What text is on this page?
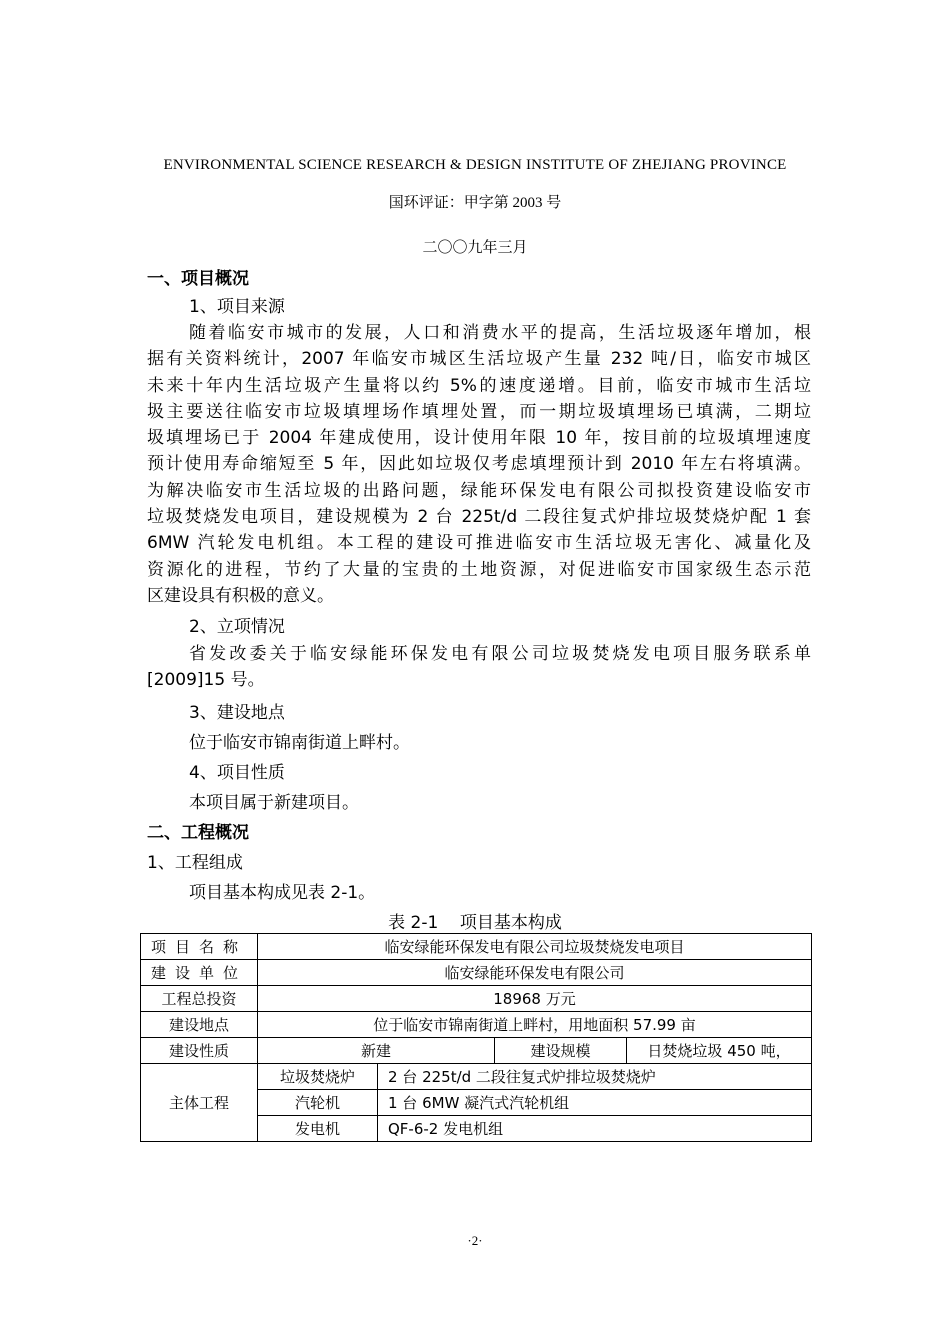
ENVIRONMENTAL SCIENCE RESEARCH & DESIGN INSTITUTE OF ZHEJIANG PROVINCE
国环评证：甲字第 2003 号
二〇〇九年三月
一、项目概况
1、项目来源
随着临安市城市的发展，人口和消费水平的提高，生活垃圾逐年增加，根
据有关资料统计，2007 年临安市城区生活垃圾产生量 232 吨/日，临安市城区
未来十年内生活垃圾产生量将以约 5%的速度递增。目前，临安市城市生活垃
圾主要送往临安市垃圾填埋场作填埋处置，而一期垃圾填埋场已填满，二期垃
圾填埋场已于 2004 年建成使用，设计使用年限 10 年，按目前的垃圾填埋速度
预计使用寿命缩短至 5 年，因此如垃圾仅考虑填埋预计到 2010 年左右将填满。
为解决临安市生活垃圾的出路问题，绿能环保发电有限公司拟投资建设临安市
垃圾焚烧发电项目，建设规模为 2 台 225t/d 二段往复式炉排垃圾焚烧炉配 1 套
6MW 汽轮发电机组。本工程的建设可推进临安市生活垃圾无害化、减量化及
资源化的进程，节约了大量的宝贵的土地资源，对促进临安市国家级生态示范
区建设具有积极的意义。
2、立项情况
省发改委关于临安绿能环保发电有限公司垃圾焚烧发电项目服务联系单
[2009]15 号。
3、建设地点
位于临安市锦南街道上畔村。
4、项目性质
本项目属于新建项目。
二、工程概况
1、工程组成
项目基本构成见表 2-1。
表 2-1    项目基本构成
项目名称	临安绿能环保发电有限公司垃圾焚烧发电项目			
建设单位	临安绿能环保发电有限公司			
工程总投资	18968 万元			
建设地点	位于临安市锦南街道上畔村，用地面积 57.99 亩			
建设性质	新建		建设规模	日焚烧垃圾 450 吨，
主体工程	垃圾焚烧炉	2 台 225t/d 二段往复式炉排垃圾焚烧炉		
	汽轮机	1 台 6MW 凝汽式汽轮机组		
	发电机	QF-6-2 发电机组		
·2·
